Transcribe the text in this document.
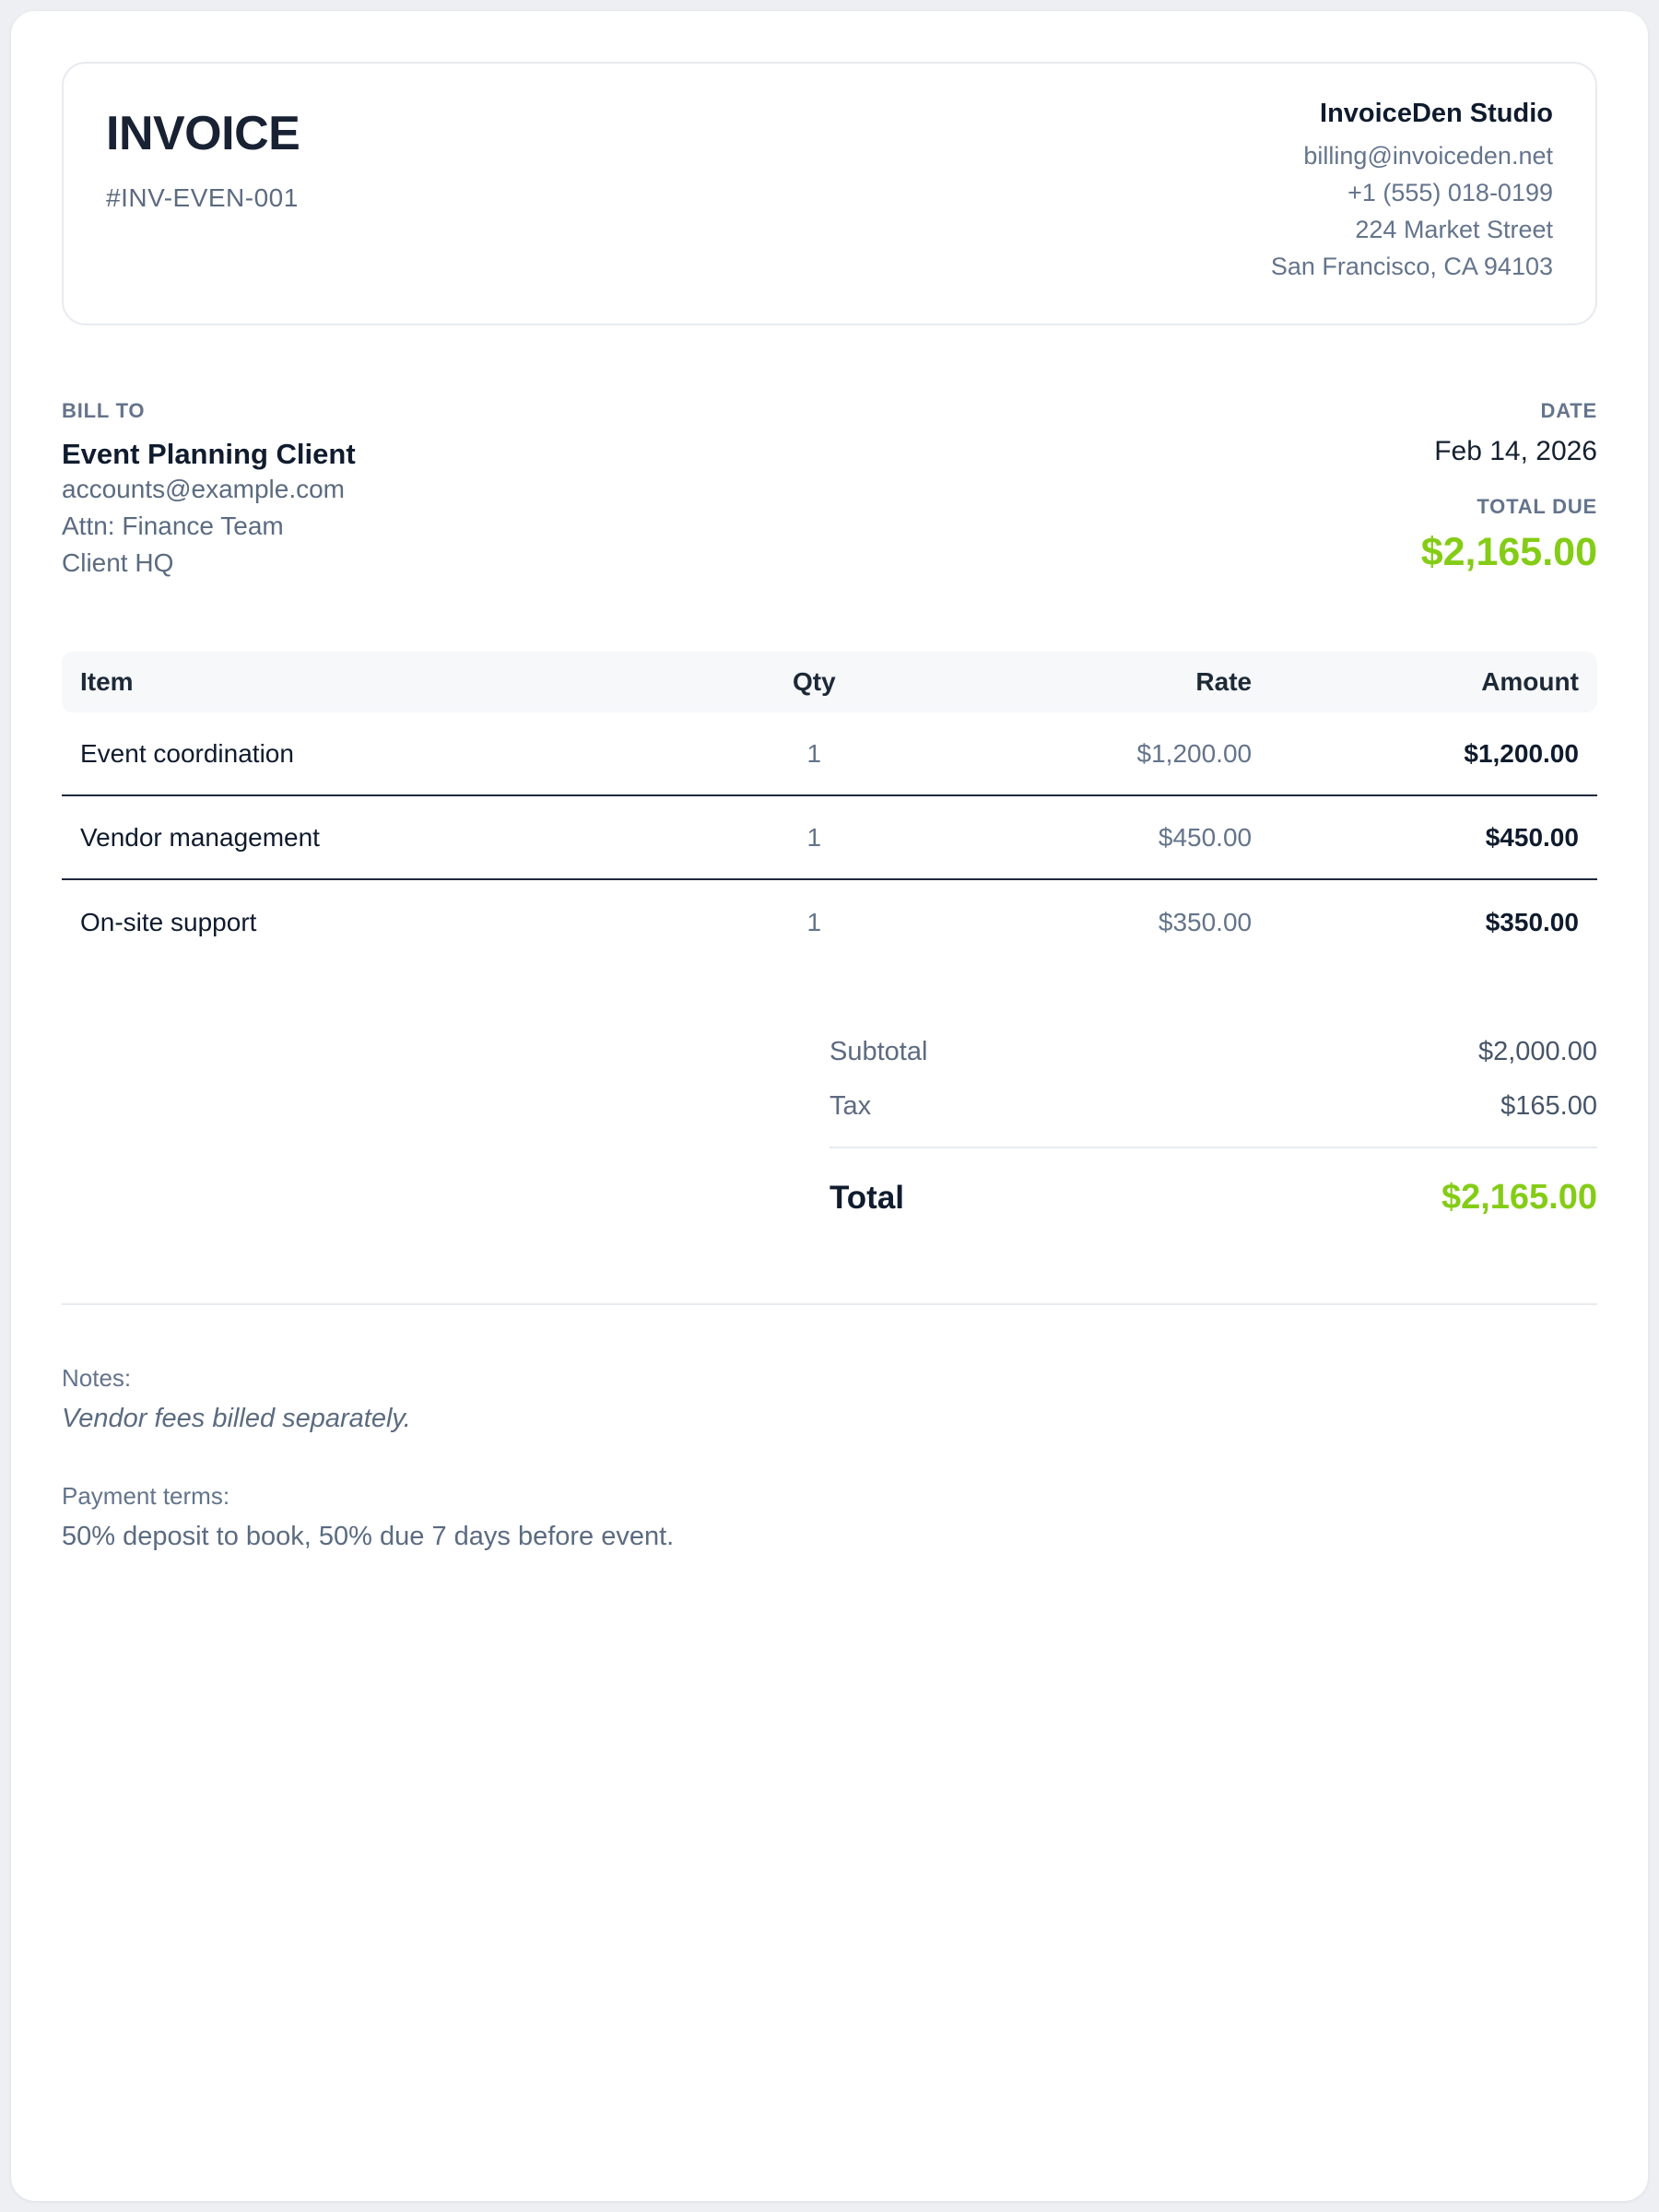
INVOICE
#INV-EVEN-001
InvoiceDen Studio
billing@invoiceden.net
+1 (555) 018-0199
224 Market Street
San Francisco, CA 94103
BILL TO
Event Planning Client
accounts@example.com
Attn: Finance Team
Client HQ
DATE
Feb 14, 2026
TOTAL DUE
$2,165.00
Item	Qty	Rate	Amount
Event coordination	1	$1,200.00	$1,200.00
Vendor management	1	$450.00	$450.00
On-site support	1	$350.00	$350.00
Subtotal	$2,000.00
Tax	$165.00
Total	$2,165.00
Notes:
Vendor fees billed separately.
Payment terms:
50% deposit to book, 50% due 7 days before event.
